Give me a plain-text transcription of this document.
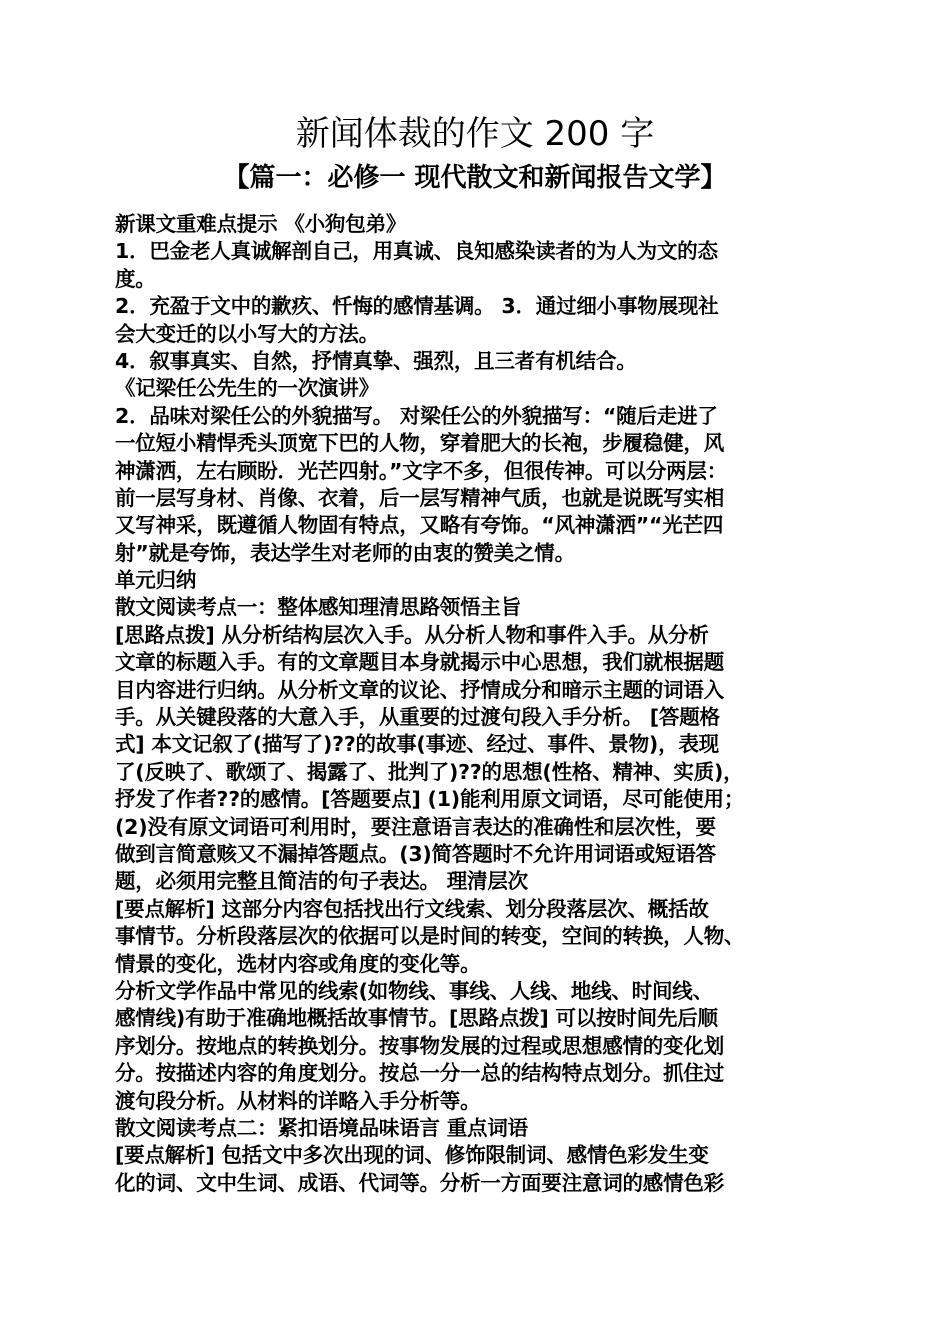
新闻体裁的作文 200 字
【篇一：必修一 现代散文和新闻报告文学】
新课文重难点提示 《小狗包弟》
1．巴金老人真诚解剖自己，用真诚、良知感染读者的为人为文的态
度。
2．充盈于文中的歉疚、忏悔的感情基调。 3．通过细小事物展现社
会大变迁的以小写大的方法。
4．叙事真实、自然，抒情真挚、强烈，且三者有机结合。
《记梁任公先生的一次演讲》
2．品味对梁任公的外貌描写。 对梁任公的外貌描写：“随后走进了
一位短小精悍秃头顶宽下巴的人物，穿着肥大的长袍，步履稳健，风
神潇洒，左右顾盼．光芒四射。”文字不多，但很传神。可以分两层：
前一层写身材、肖像、衣着，后一层写精神气质，也就是说既写实相
又写神采，既遵循人物固有特点，又略有夸饰。“风神潇洒”“光芒四
射”就是夸饰，表达学生对老师的由衷的赞美之情。
单元归纳
散文阅读考点一：整体感知理清思路领悟主旨
[思路点拨] 从分析结构层次入手。从分析人物和事件入手。从分析
文章的标题入手。有的文章题目本身就揭示中心思想，我们就根据题
目内容进行归纳。从分析文章的议论、抒情成分和暗示主题的词语入
手。从关键段落的大意入手，从重要的过渡句段入手分析。 [答题格
式] 本文记叙了(描写了)??的故事(事迹、经过、事件、景物)，表现
了(反映了、歌颂了、揭露了、批判了)??的思想(性格、精神、实质)，
抒发了作者??的感情。[答题要点] (1)能利用原文词语，尽可能使用；
(2)没有原文词语可利用时，要注意语言表达的准确性和层次性，要
做到言简意赅又不漏掉答题点。(3)简答题时不允许用词语或短语答
题，必须用完整且简洁的句子表达。 理清层次
[要点解析] 这部分内容包括找出行文线索、划分段落层次、概括故
事情节。分析段落层次的依据可以是时间的转变，空间的转换，人物、
情景的变化，选材内容或角度的变化等。
分析文学作品中常见的线索(如物线、事线、人线、地线、时间线、
感情线)有助于准确地概括故事情节。[思路点拨] 可以按时间先后顺
序划分。按地点的转换划分。按事物发展的过程或思想感情的变化划
分。按描述内容的角度划分。按总一分一总的结构特点划分。抓住过
渡句段分析。从材料的详略入手分析等。
散文阅读考点二：紧扣语境品味语言 重点词语
[要点解析] 包括文中多次出现的词、修饰限制词、感情色彩发生变
化的词、文中生词、成语、代词等。分析一方面要注意词的感情色彩
